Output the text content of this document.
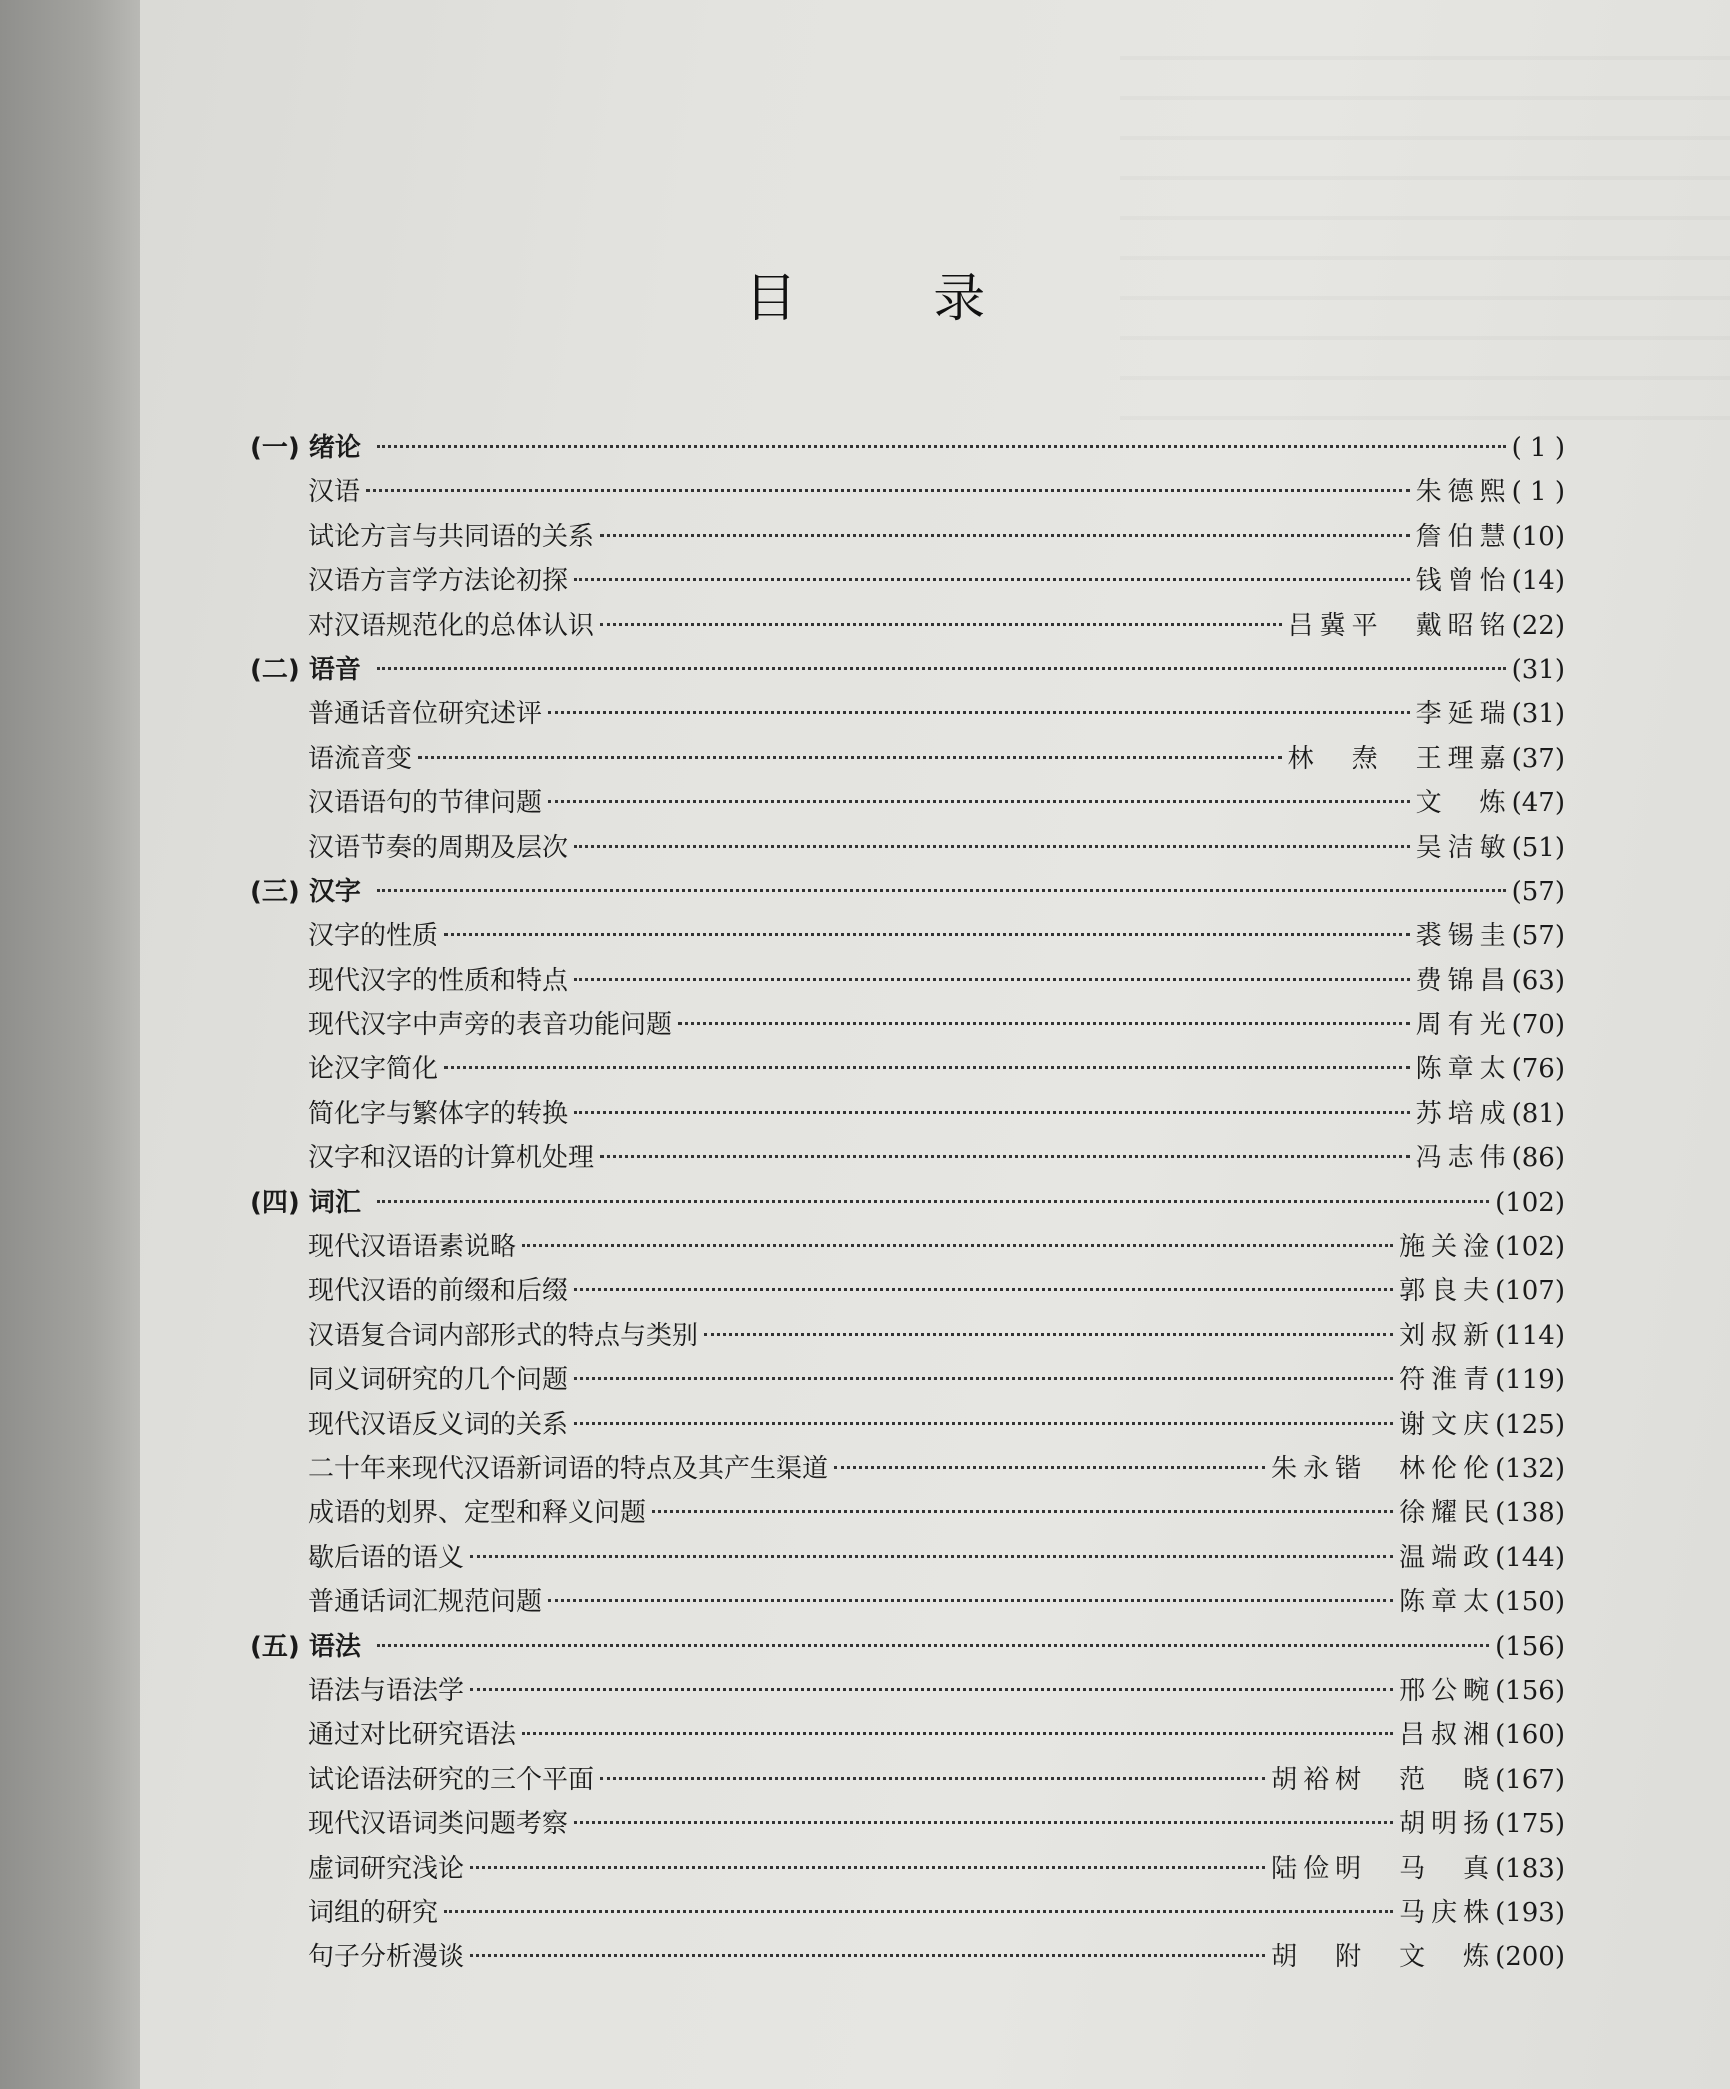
目 录
(一) 绪论	( 1 )
汉语	朱德熙 ( 1 )
试论方言与共同语的关系	詹伯慧 (10)
汉语方言学方法论初探	钱曾怡 (14)
对汉语规范化的总体认识	吕冀平　戴昭铭 (22)
(二) 语音	(31)
普通话音位研究述评	李延瑞 (31)
语流音变	林　焘　王理嘉 (37)
汉语语句的节律问题	文　炼 (47)
汉语节奏的周期及层次	吴洁敏 (51)
(三) 汉字	(57)
汉字的性质	裘锡圭 (57)
现代汉字的性质和特点	费锦昌 (63)
现代汉字中声旁的表音功能问题	周有光 (70)
论汉字简化	陈章太 (76)
简化字与繁体字的转换	苏培成 (81)
汉字和汉语的计算机处理	冯志伟 (86)
(四) 词汇	(102)
现代汉语语素说略	施关淦 (102)
现代汉语的前缀和后缀	郭良夫 (107)
汉语复合词内部形式的特点与类别	刘叔新 (114)
同义词研究的几个问题	符淮青 (119)
现代汉语反义词的关系	谢文庆 (125)
二十年来现代汉语新词语的特点及其产生渠道	朱永锴　林伦伦 (132)
成语的划界、定型和释义问题	徐耀民 (138)
歇后语的语义	温端政 (144)
普通话词汇规范问题	陈章太 (150)
(五) 语法	(156)
语法与语法学	邢公畹 (156)
通过对比研究语法	吕叔湘 (160)
试论语法研究的三个平面	胡裕树　范　晓 (167)
现代汉语词类问题考察	胡明扬 (175)
虚词研究浅论	陆俭明　马　真 (183)
词组的研究	马庆株 (193)
句子分析漫谈	胡　附　文　炼 (200)
